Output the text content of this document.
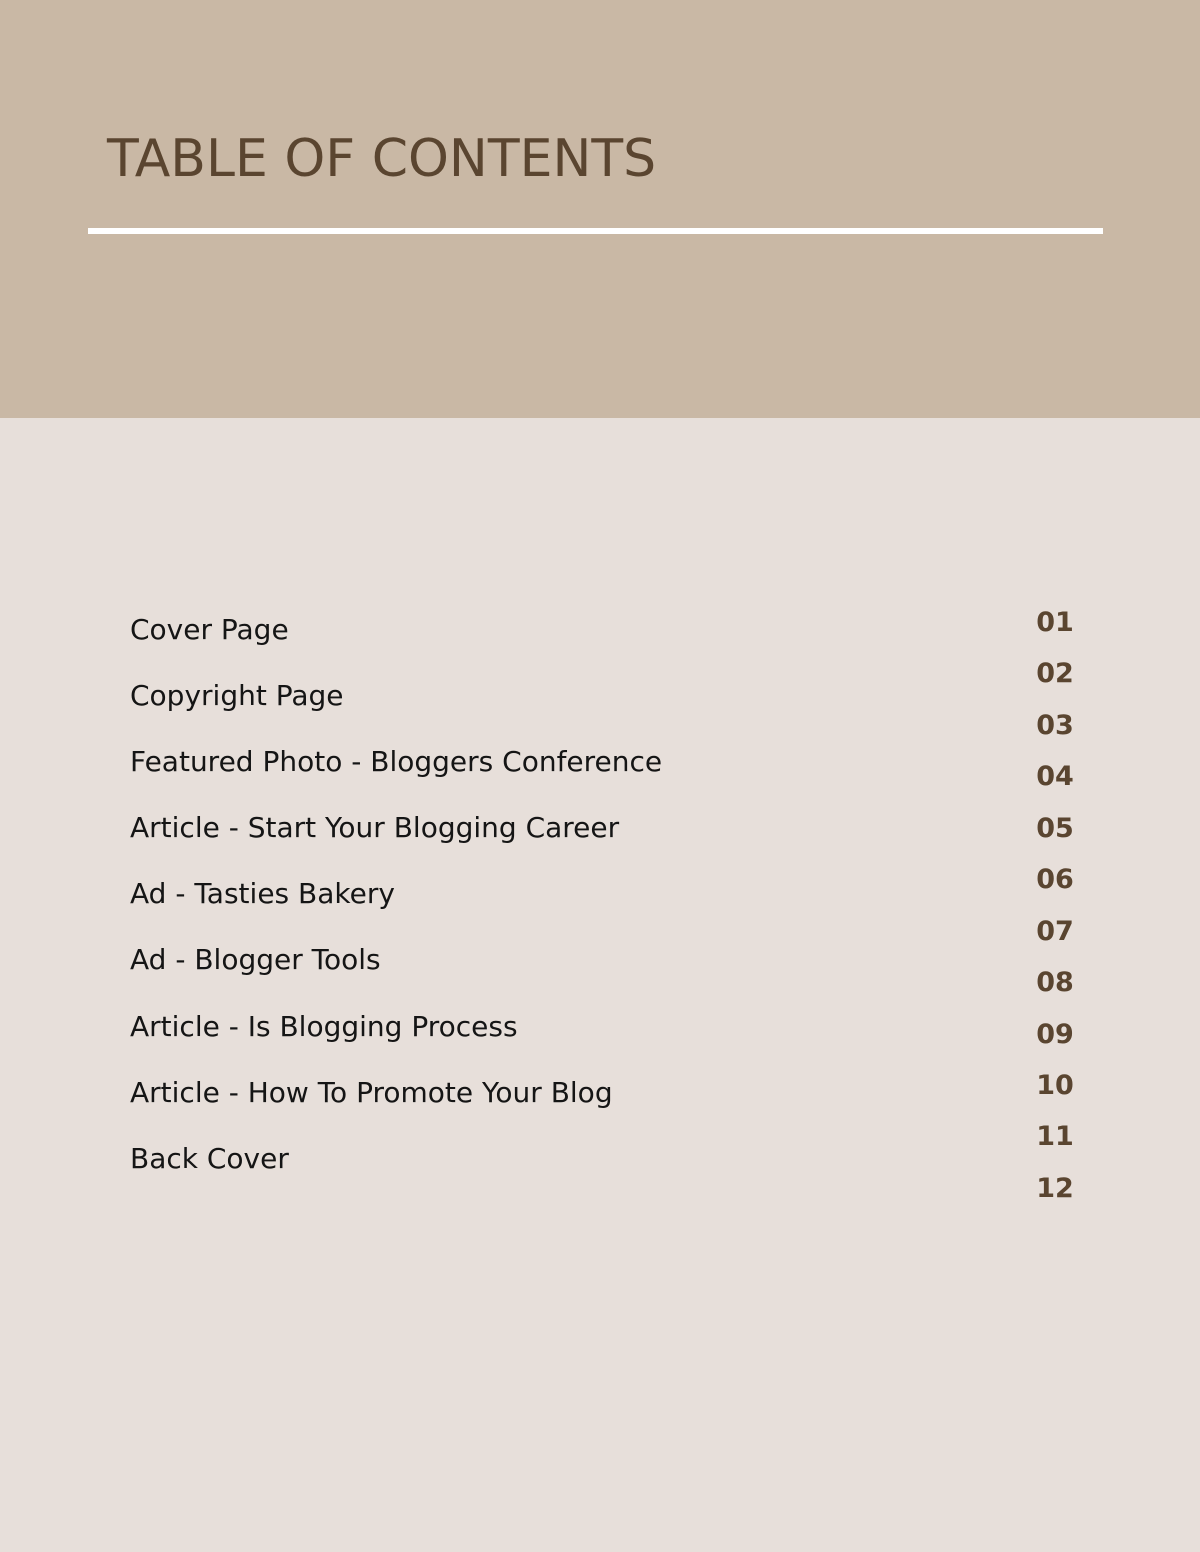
TABLE OF CONTENTS
Cover Page
Copyright Page
Featured Photo - Bloggers Conference
Article - Start Your Blogging Career
Ad - Tasties Bakery
Ad - Blogger Tools
Article - Is Blogging Process
Article - How To Promote Your Blog
Back Cover
01
02
03
04
05
06
07
08
09
10
11
12
